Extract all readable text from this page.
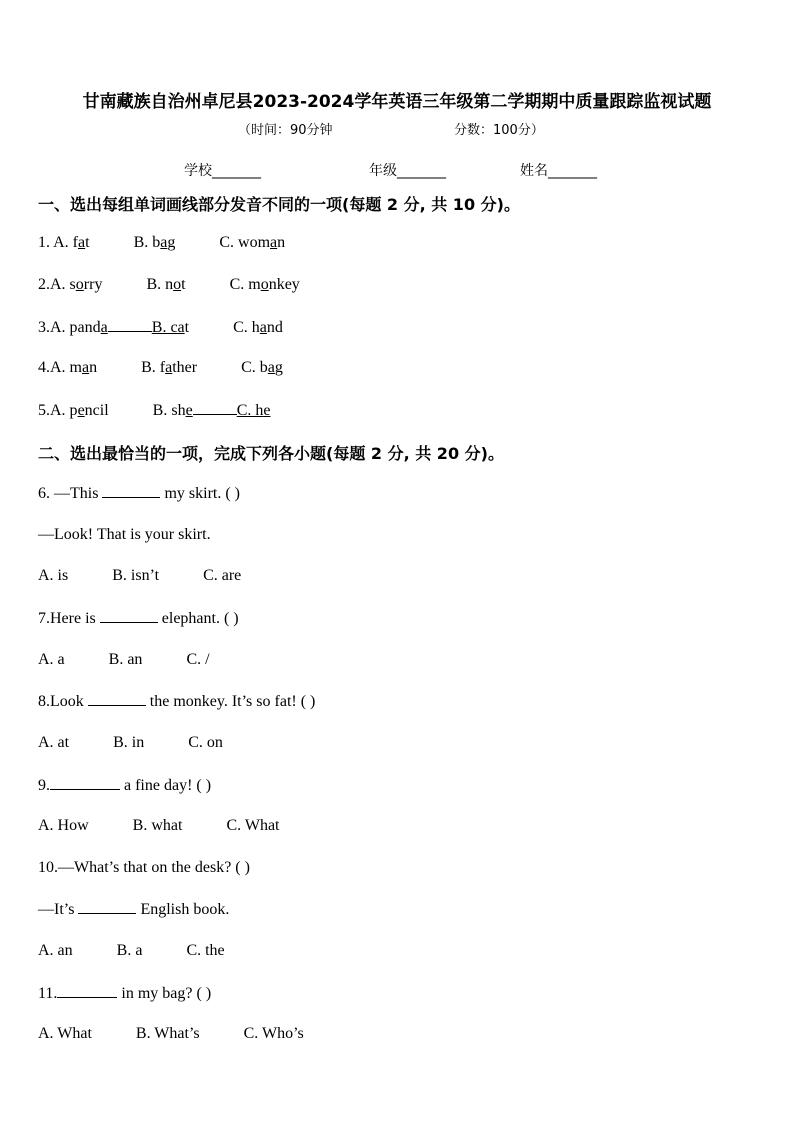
甘南藏族自治州卓尼县2023-2024学年英语三年级第二学期期中质量跟踪监视试题
（时间：90分钟	分数：100分）
学校_______	年级_______	姓名_______
一、选出每组单词画线部分发音不同的一项(每题 2 分, 共 10 分)。
1. A. fat	B. bag	C. woman
2.A. sorry	B. not	C. monkey
3.A. panda	B. cat	C. hand
4.A. man	B. father	C. bag
5.A. pencil	B. she	C. he
二、选出最恰当的一项，完成下列各小题(每题 2 分, 共 20 分)。
6. —This	my skirt. ( )
—Look! That is your skirt.
A. is	B. isn’t	C. are
7.Here is	elephant. ( )
A. a	B. an	C. /
8.Look	the monkey. It’s so fat! ( )
A. at	B. in	C. on
9.	a fine day! ( )
A. How	B. what	C. What
10.—What’s that on the desk? ( )
—It’s	English book.
A. an	B. a	C. the
11.	in my bag? ( )
A. What	B. What’s	C. Who’s
